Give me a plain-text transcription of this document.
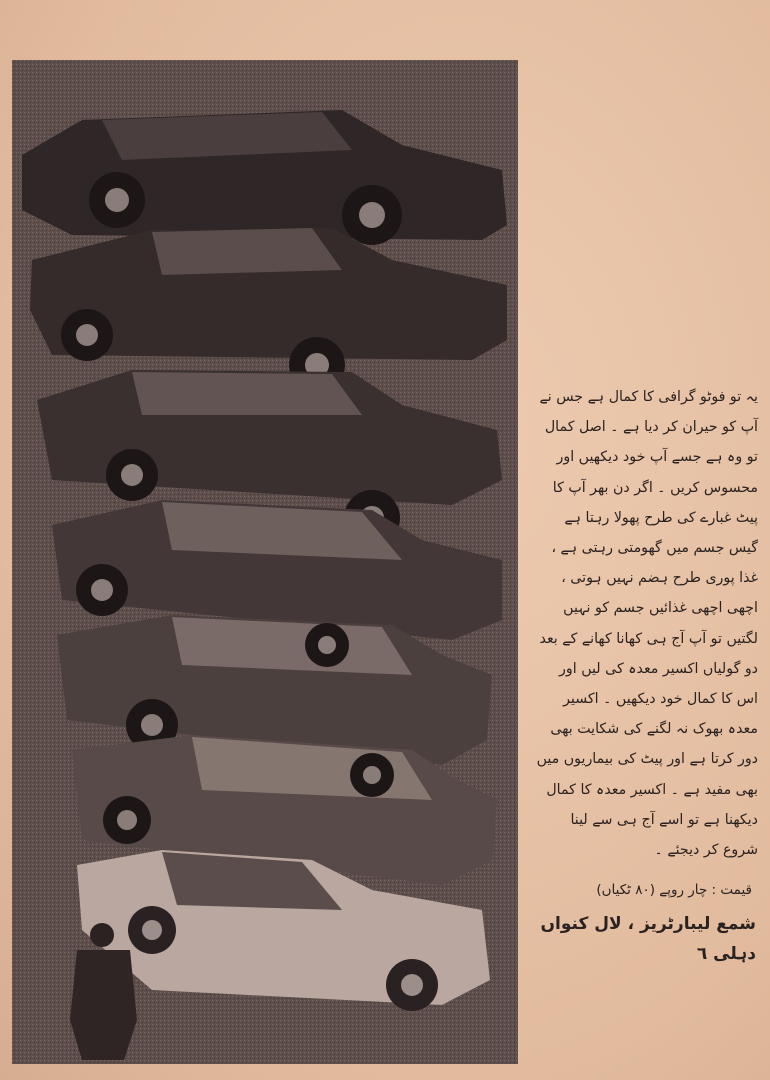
یہ تو فوٹو گرافی کا کمال ہے جس نے آپ کو حیران کر دیا ہے ۔ اصل کمال تو وہ ہے جسے آپ خود دیکھیں اور محسوس کریں ۔ اگر دن بھر آپ کا پیٹ غبارے کی طرح پھولا رہتا ہے گیس جسم میں گھومتی رہتی ہے ، غذا پوری طرح ہضم نہیں ہوتی ، اچھی اچھی غذائیں جسم کو نہیں لگتیں تو آپ آج ہی کھانا کھانے کے بعد دو گولیاں اکسیر معدہ کی لیں اور اس کا کمال خود دیکھیں ۔ اکسیر معدہ بھوک نہ لگنے کی شکایت بھی دور کرتا ہے اور پیٹ کی بیماریوں میں بھی مفید ہے ۔ اکسیر معدہ کا کمال دیکھنا ہے تو اسے آج ہی سے لینا شروع کر دیجئے ۔

قیمت : چار روپے (۸۰ ٹکیاں)
شمع لیبارٹریز ، لال کنواں دہلی ٦
